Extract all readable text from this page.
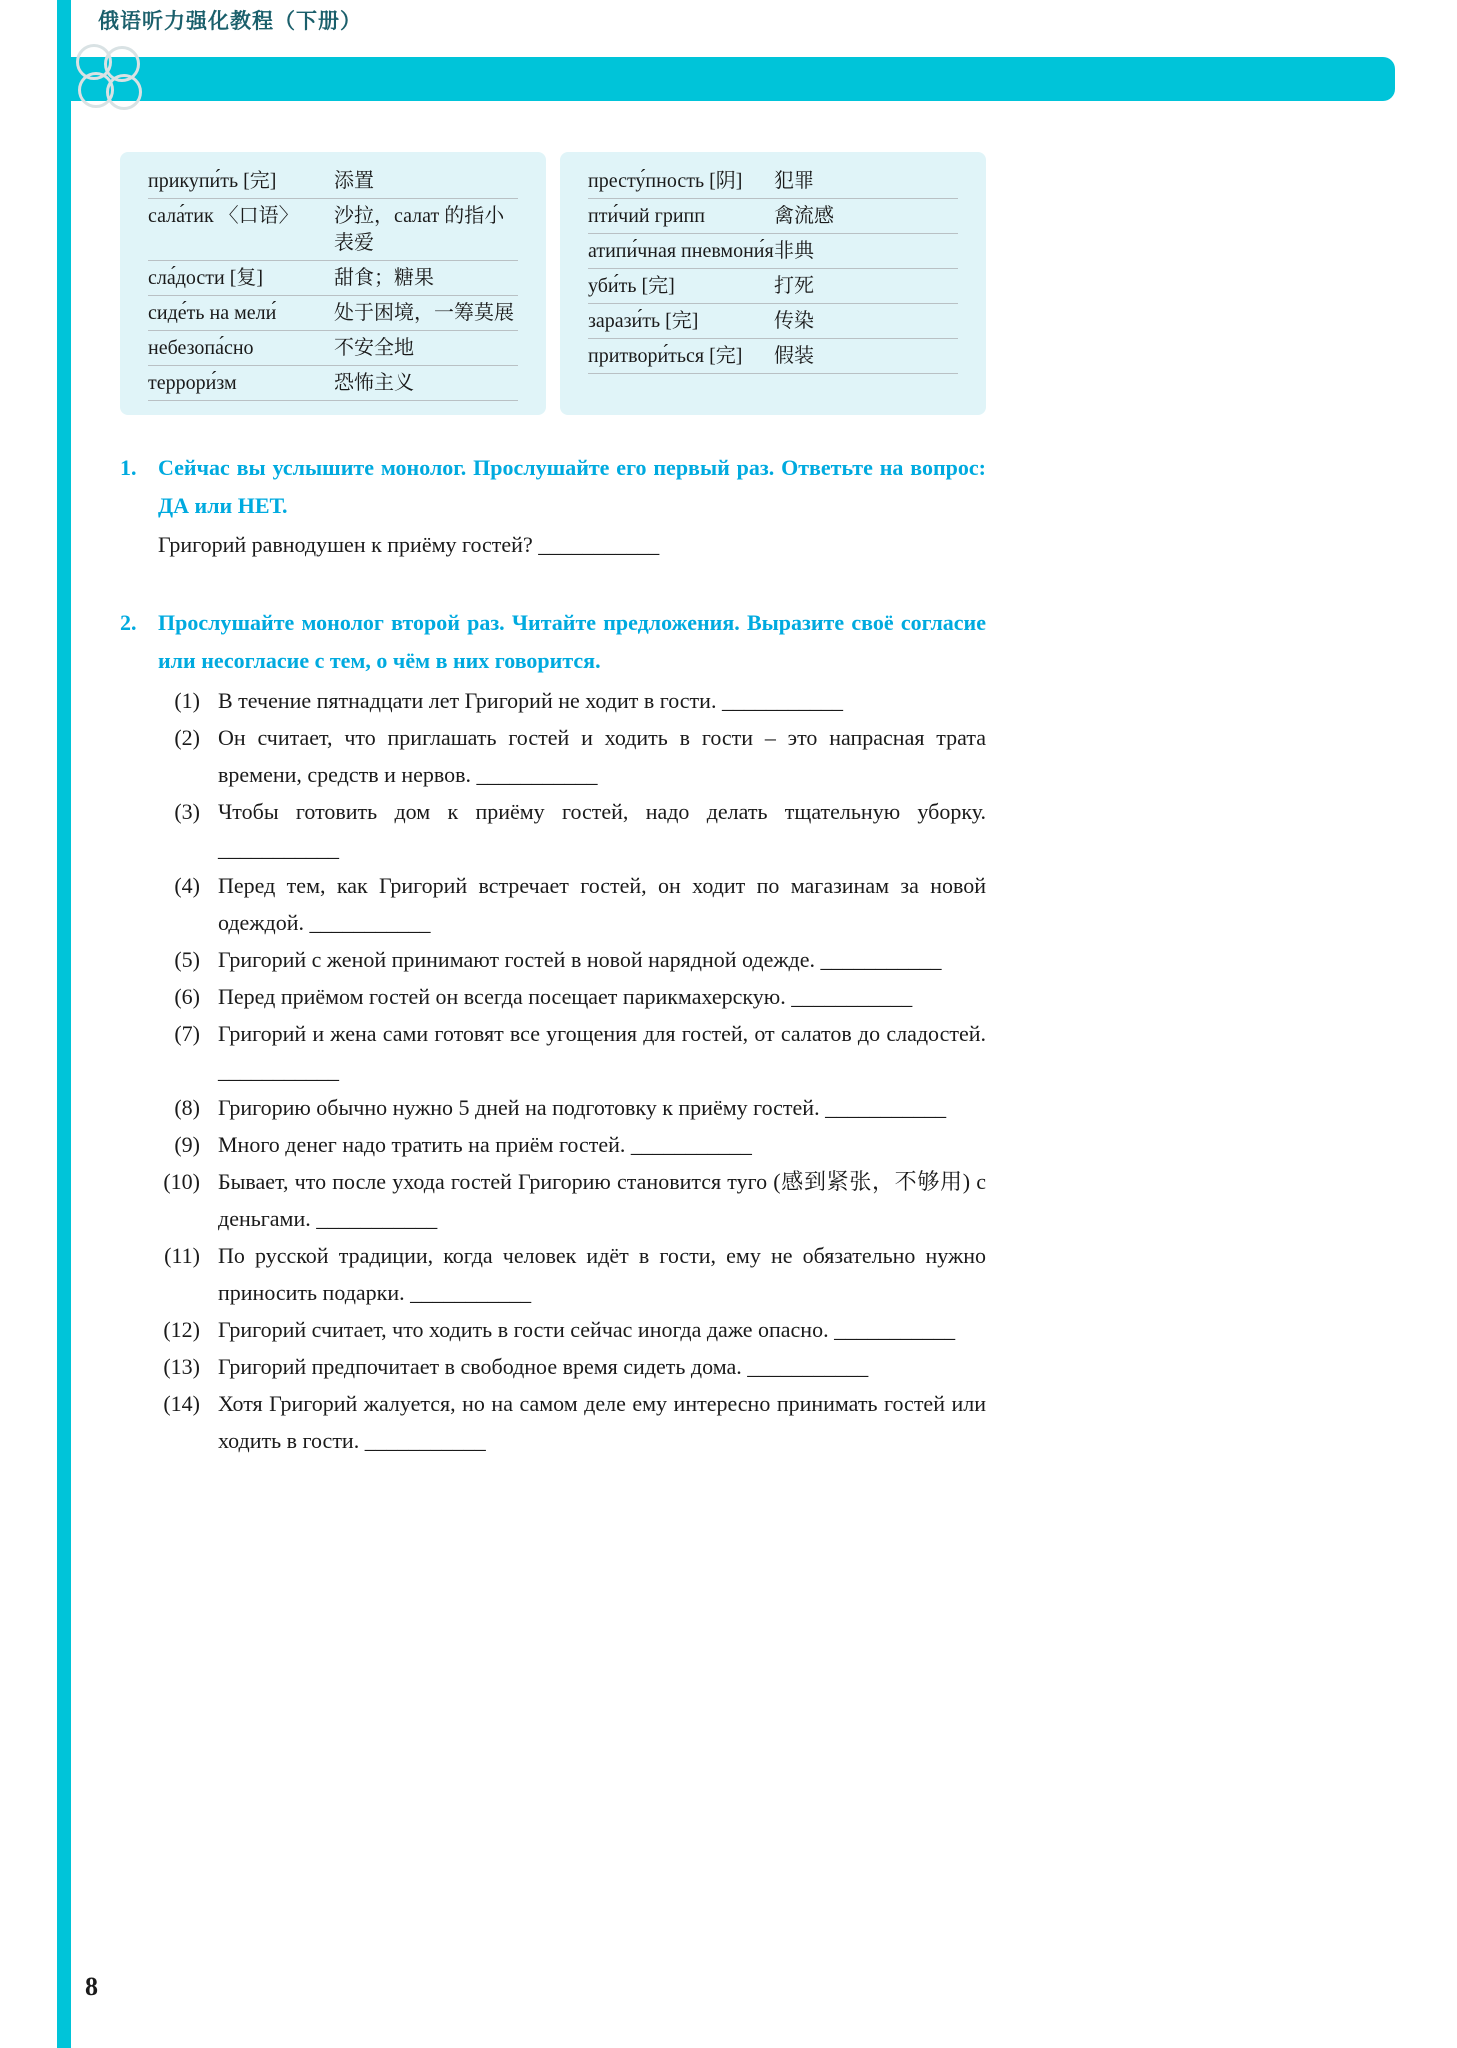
俄语听力强化教程（下册）
прикупи́ть [完]	添置
сала́тик 〈口语〉	沙拉，салат 的指小表爱
сла́дости [复]	甜食；糖果
сиде́ть на мели́	处于困境，一筹莫展
небезопа́сно	不安全地
террори́зм	恐怖主义
престу́пность [阴]	犯罪
пти́чий грипп	禽流感
атипи́чная пневмони́я 非典
уби́ть [完]	打死
зарази́ть [完]	传染
притвори́ться [完]	假装
1. Сейчас вы услышите монолог. Прослушайте его первый раз. Ответьте на вопрос: ДА или НЕТ.
Григорий равнодушен к приёму гостей? ___________
2. Прослушайте монолог второй раз. Читайте предложения. Выразите своё согласие или несогласие с тем, о чём в них говорится.
(1) В течение пятнадцати лет Григорий не ходит в гости. ___________
(2) Он считает, что приглашать гостей и ходить в гости – это напрасная трата времени, средств и нервов. ___________
(3) Чтобы готовить дом к приёму гостей, надо делать тщательную уборку. ___________
(4) Перед тем, как Григорий встречает гостей, он ходит по магазинам за новой одеждой. ___________
(5) Григорий с женой принимают гостей в новой нарядной одежде. ___________
(6) Перед приёмом гостей он всегда посещает парикмахерскую. ___________
(7) Григорий и жена сами готовят все угощения для гостей, от салатов до сладостей. ___________
(8) Григорию обычно нужно 5 дней на подготовку к приёму гостей. ___________
(9) Много денег надо тратить на приём гостей. ___________
(10) Бывает, что после ухода гостей Григорию становится туго (感到紧张，不够用) с деньгами. ___________
(11) По русской традиции, когда человек идёт в гости, ему не обязательно нужно приносить подарки. ___________
(12) Григорий считает, что ходить в гости сейчас иногда даже опасно. ___________
(13) Григорий предпочитает в свободное время сидеть дома. ___________
(14) Хотя Григорий жалуется, но на самом деле ему интересно принимать гостей или ходить в гости. ___________
8
